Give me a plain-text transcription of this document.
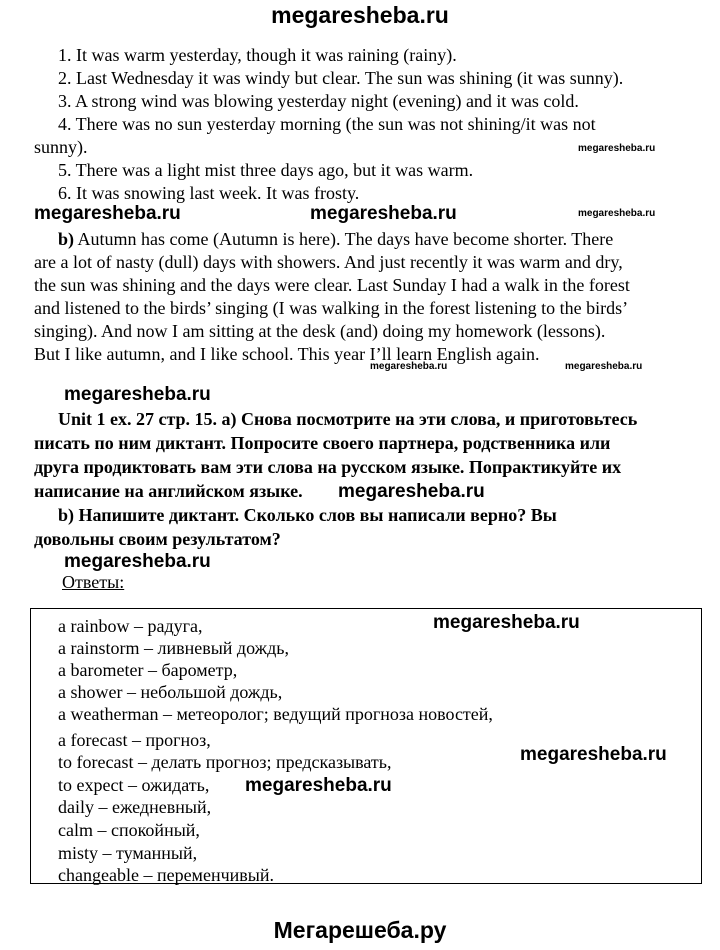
megaresheba.ru
1. It was warm yesterday, though it was raining (rainy).
2. Last Wednesday it was windy but clear. The sun was shining (it was sunny).
3. A strong wind was blowing yesterday night (evening) and it was cold.
4. There was no sun yesterday morning (the sun was not shining/it was not
sunny).	megaresheba.ru
5. There was a light mist three days ago, but it was warm.
6. It was snowing last week. It was frosty.
megaresheba.ru	megaresheba.ru	megaresheba.ru
b) Autumn has come (Autumn is here). The days have become shorter. There
are a lot of nasty (dull) days with showers. And just recently it was warm and dry,
the sun was shining and the days were clear. Last Sunday I had a walk in the forest
and listened to the birds’ singing (I was walking in the forest listening to the birds’
singing). And now I am sitting at the desk (and) doing my homework (lessons).
But I like autumn, and I like school. This year I’ll learn English again.
megaresheba.ru	megaresheba.ru
megaresheba.ru
Unit 1 ex. 27 стр. 15. а) Снова посмотрите на эти слова, и приготовьтесь
писать по ним диктант. Попросите своего партнера, родственника или
друга продиктовать вам эти слова на русском языке. Попрактикуйте их
написание на английском языке. megaresheba.ru
b) Напишите диктант. Сколько слов вы написали верно? Вы
довольны своим результатом?
megaresheba.ru
Ответы:
a rainbow – радуга,	megaresheba.ru
a rainstorm – ливневый дождь,
a barometer – барометр,
a shower – небольшой дождь,
a weatherman – метеоролог; ведущий прогноза новостей,
a forecast – прогноз,
megaresheba.ru
to forecast – делать прогноз; предсказывать,
to expect – ожидать, megaresheba.ru
daily – ежедневный,
calm – спокойный,
misty – туманный,
changeable – переменчивый.
Мегарешеба.ру
